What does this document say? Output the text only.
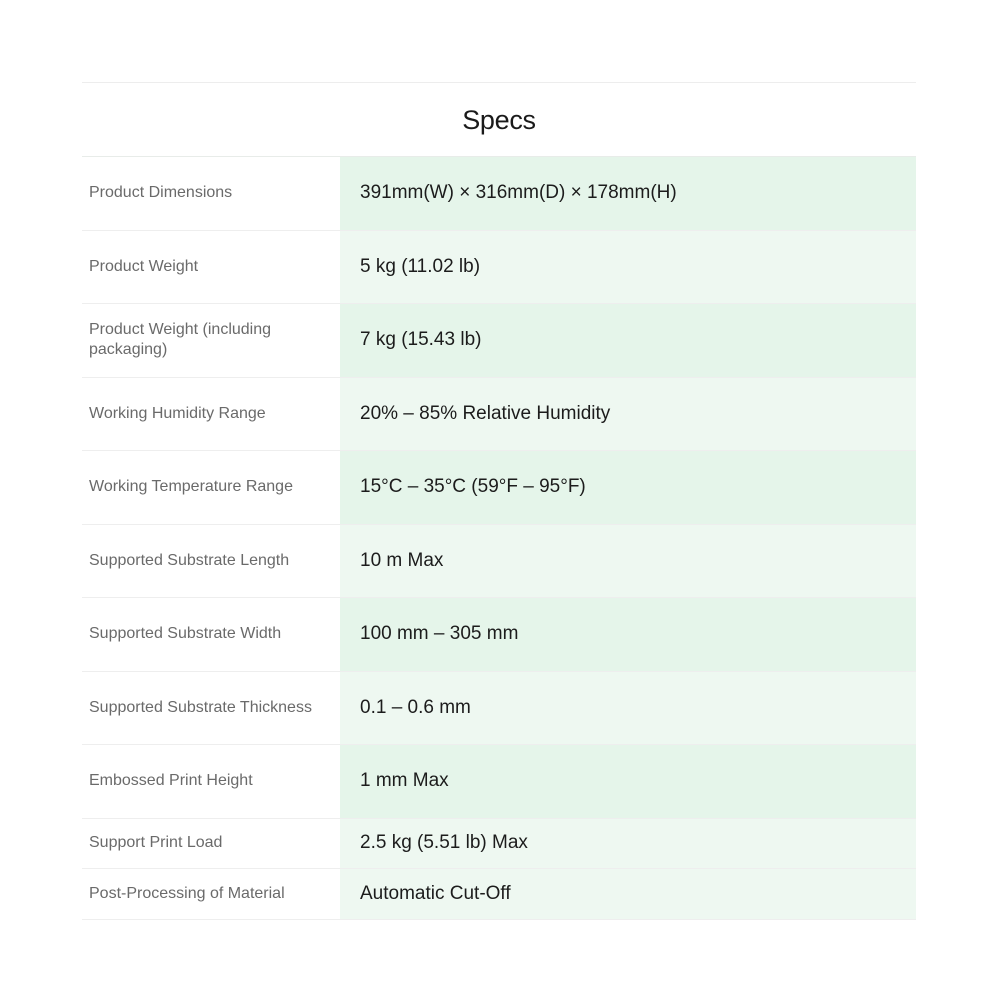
Specs
Product Dimensions	391mm(W) × 316mm(D) × 178mm(H)
Product Weight	5 kg (11.02 lb)
Product Weight (including packaging)	7 kg (15.43 lb)
Working Humidity Range	20% – 85% Relative Humidity
Working Temperature Range	15°C – 35°C (59°F – 95°F)
Supported Substrate Length	10 m Max
Supported Substrate Width	100 mm – 305 mm
Supported Substrate Thickness	0.1 – 0.6 mm
Embossed Print Height	1 mm Max
Support Print Load	2.5 kg (5.51 lb) Max
Post-Processing of Material	Automatic Cut-Off
